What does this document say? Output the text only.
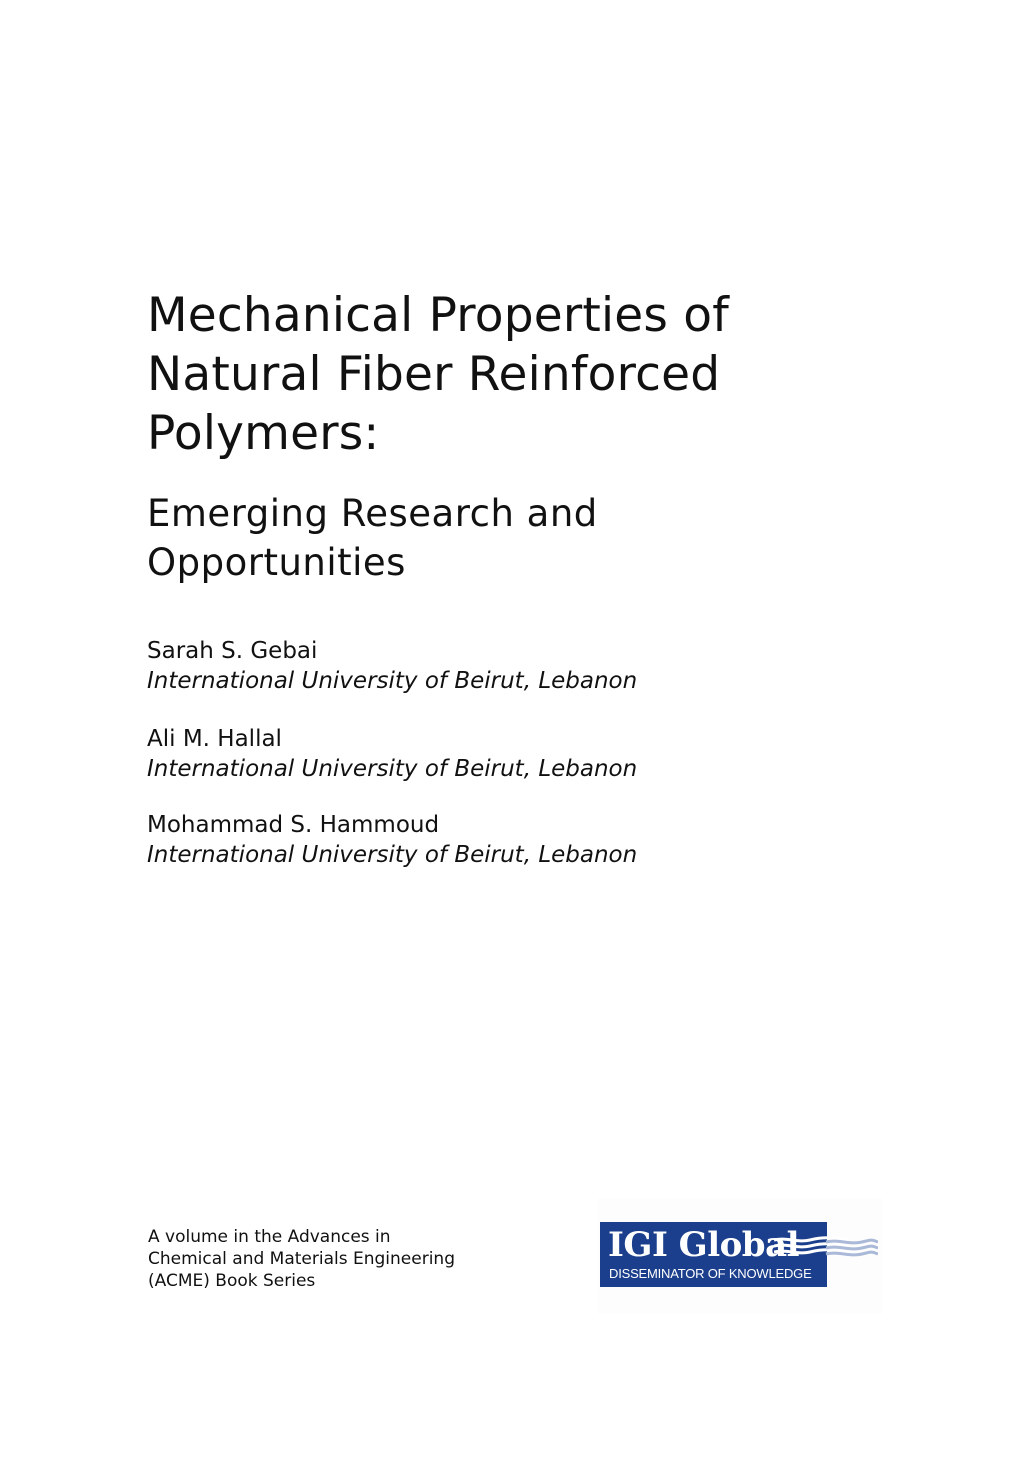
Mechanical Properties of
Natural Fiber Reinforced
Polymers:
Emerging Research and
Opportunities
Sarah S. Gebai
International University of Beirut, Lebanon
Ali M. Hallal
International University of Beirut, Lebanon
Mohammad S. Hammoud
International University of Beirut, Lebanon
A volume in the Advances in
Chemical and Materials Engineering
(ACME) Book Series
IGI Global
DISSEMINATOR OF KNOWLEDGE
